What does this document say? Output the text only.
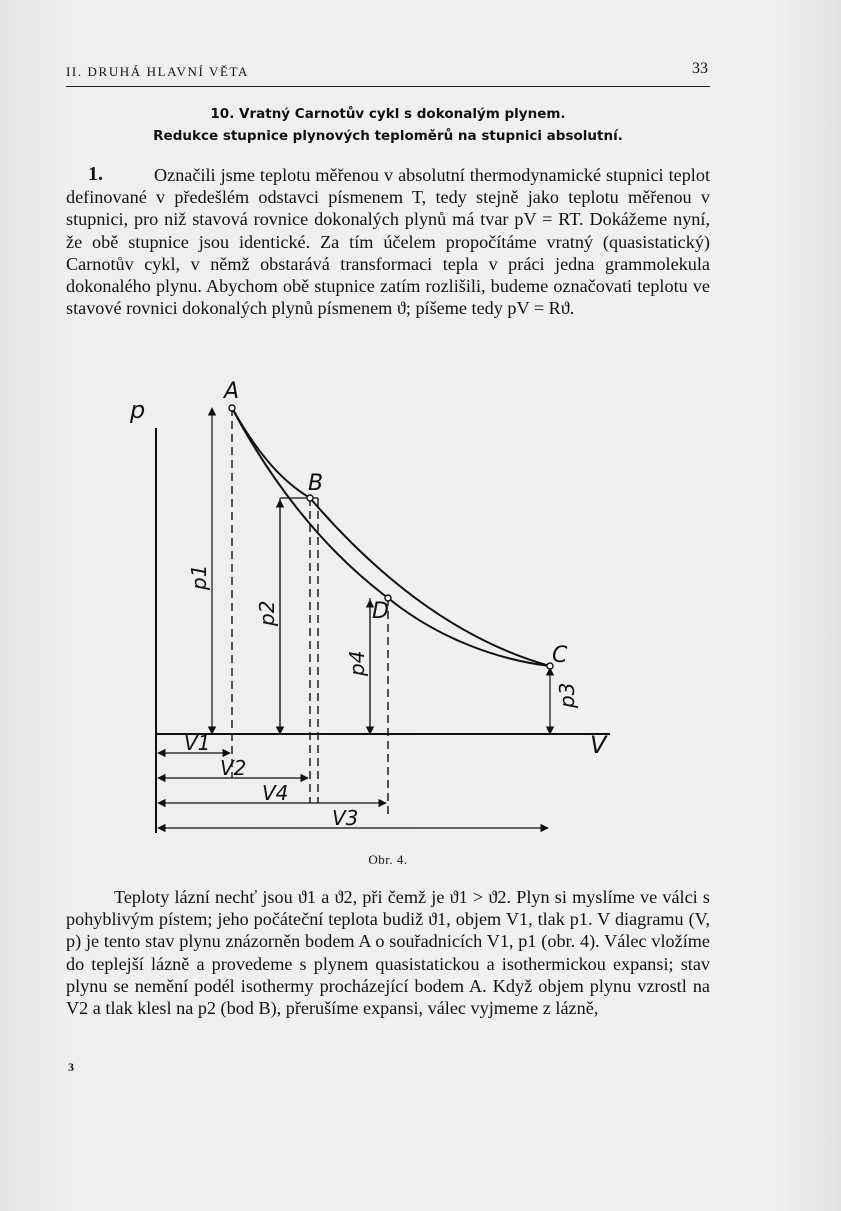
II. DRUHÁ HLAVNÍ VĚTA	33
10. Vratný Carnotův cykl s dokonalým plynem.
Redukce stupnice plynových teploměrů na stupnici absolutní.
1.	Označili jsme teplotu měřenou v absolutní thermodynamické stupnici teplot definované v předešlém odstavci písmenem T, tedy stejně jako teplotu měřenou v stupnici, pro niž stavová rovnice dokonalých plynů má tvar pV = RT. Dokážeme nyní, že obě stupnice jsou identické. Za tím účelem propočítáme vratný (quasistatický) Carnotův cykl, v němž obstarává transformaci tepla v práci jedna grammolekula dokonalého plynu. Abychom obě stupnice zatím rozlišili, budeme označovati teplotu ve stavové rovnici dokonalých plynů písmenem ϑ; píšeme tedy pV = Rϑ.

p
V
A
B
D
C
p1
p2
p4
p3
V1
V2
V4
V3
Obr. 4.

Teploty lázní nechť jsou ϑ1 a ϑ2, při čemž je ϑ1 > ϑ2. Plyn si myslíme ve válci s pohyblivým pístem; jeho počáteční teplota budiž ϑ1, objem V1, tlak p1. V diagramu (V, p) je tento stav plynu znázorněn bodem A o souřadnicích V1, p1 (obr. 4). Válec vložíme do teplejší lázně a provedeme s plynem quasistatickou a isothermickou expansi; stav plynu se nemění podél isothermy procházející bodem A. Když objem plynu vzrostl na V2 a tlak klesl na p2 (bod B), přerušíme expansi, válec vyjmeme z lázně,

3
